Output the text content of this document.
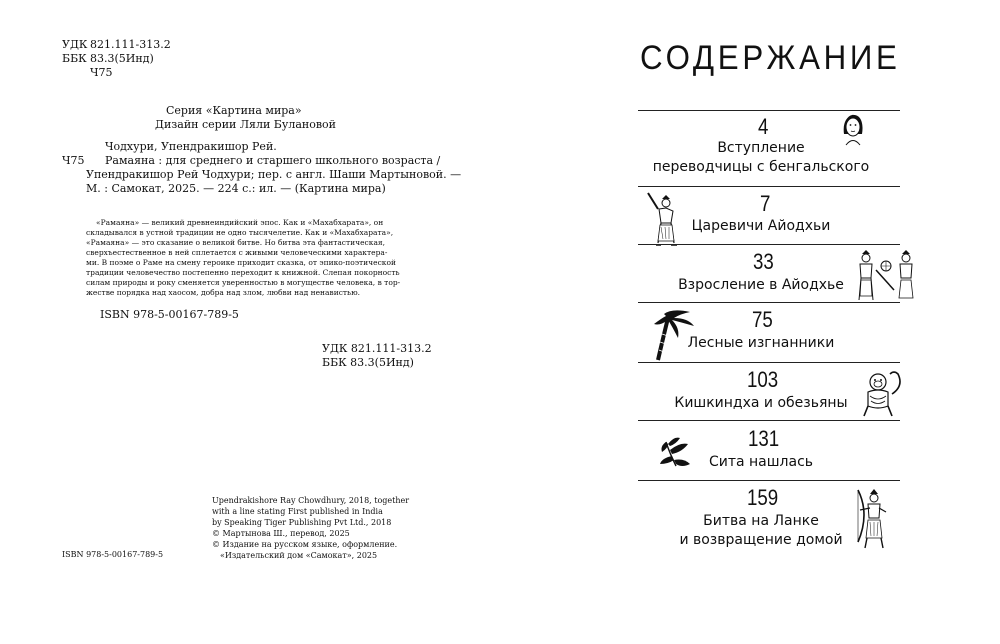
УДК 821.111-313.2
ББК 83.3(5Инд)
Ч75
Серия «Картина мира»
Дизайн серии Ляли Булановой
Чодхури, Упендракишор Рей.
Ч75 Рамаяна : для среднего и старшего школьного возраста /
Упендракишор Рей Чодхури; пер. с англ. Шаши Мартыновой. —
М. : Самокат, 2025. — 224 с.: ил. — (Картина мира)
«Рамаяна» — великий древнеиндийский эпос. Как и «Махабхарата», он
складывался в устной традиции не одно тысячелетие. Как и «Махабхарата»,
«Рамаяна» — это сказание о великой битве. Но битва эта фантастическая,
сверхъестественное в ней сплетается с живыми человеческими характера-
ми. В поэме о Раме на смену героике приходит сказка, от эпико-поэтической
традиции человечество постепенно переходит к книжной. Слепая покорность
силам природы и року сменяется уверенностью в могуществе человека, в тор-
жестве порядка над хаосом, добра над злом, любви над ненавистью.
ISBN 978-5-00167-789-5
УДК 821.111-313.2
ББК 83.3(5Инд)
Upendrakishore Ray Chowdhury, 2018, together
with a line stating First published in India
by Speaking Tiger Publishing Pvt Ltd., 2018
© Мартынова Ш., перевод, 2025
© Издание на русском языке, оформление.
«Издательский дом «Самокат», 2025
ISBN 978-5-00167-789-5
СОДЕРЖАНИЕ
4
Вступление
переводчицы с бенгальского
7
Царевичи Айодхьи
33
Взросление в Айодхье
75
Лесные изгнанники
103
Кишкиндха и обезьяны
131
Сита нашлась
159
Битва на Ланке
и возвращение домой
